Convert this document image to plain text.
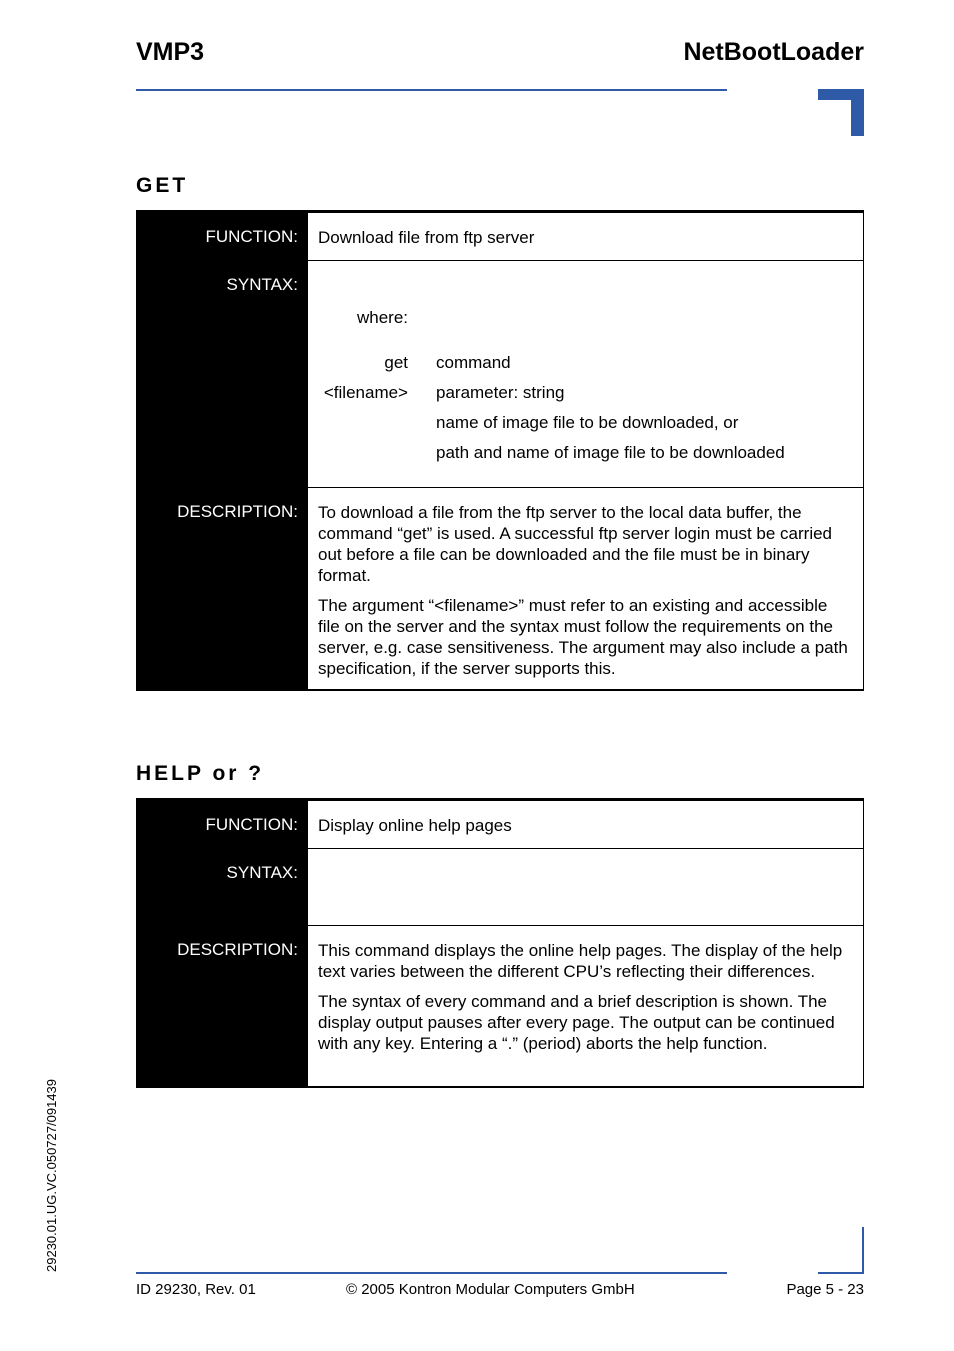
VMP3	NetBootLoader
GET
FUNCTION:	Download file from ftp server
SYNTAX:
where:
get	command
<filename>	parameter: string
name of image file to be downloaded, or
path and name of image file to be downloaded
DESCRIPTION:	To download a file from the ftp server to the local data buffer, the command “get” is used. A successful ftp server login must be carried out before a file can be downloaded and the file must be in binary format.

The argument “<filename>” must refer to an existing and accessible file on the server and the syntax must follow the requirements on the server, e.g. case sensitiveness. The argument may also include a path specification, if the server supports this.

HELP or ?
FUNCTION:	Display online help pages
SYNTAX:
DESCRIPTION:	This command displays the online help pages. The display of the help text varies between the different CPU’s reflecting their differences.

The syntax of every command and a brief description is shown. The display output pauses after every page. The output can be continued with any key. Entering a “.” (period) aborts the help function.

29230.01.UG.VC.050727/091439
ID 29230, Rev. 01	© 2005 Kontron Modular Computers GmbH	Page 5 - 23
